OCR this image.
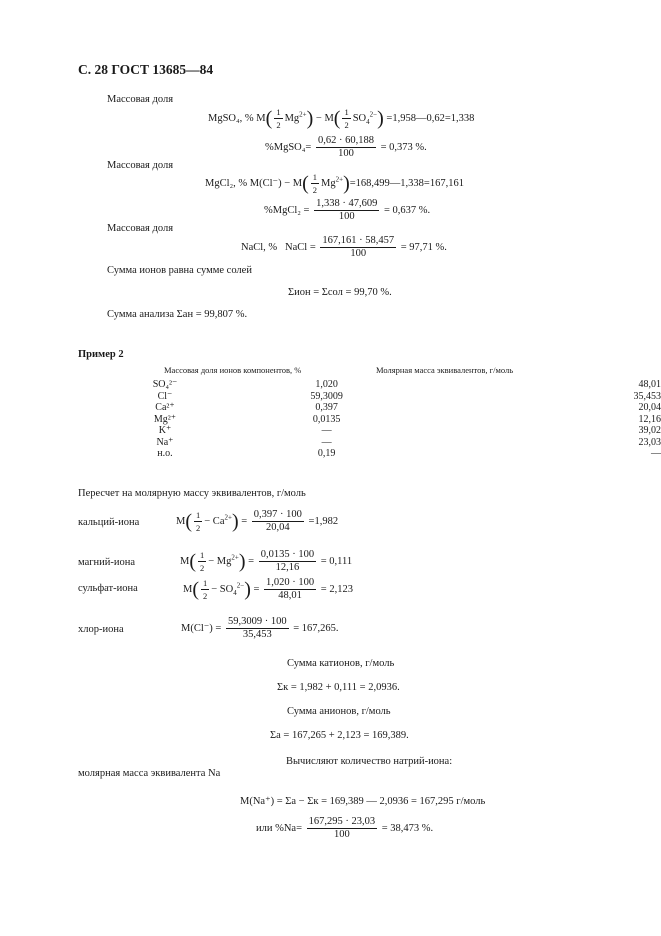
С. 28 ГОСТ 13685—84
Массовая доля
MgSO₄, % $M( \frac{1}{2} Mg^{2+}) - M( \frac{1}{2} SO_4^{2-})$ =1,958—0,62=1,338
%MgSO₄= $\frac{0,62 \cdot 60,188}{100} = 0,373$ %.
Массовая доля
MgCl₂, % $M(Cl^-) - M( \frac{1}{2}$ $Mg^{2+})=168,499—1,338=167,161$
%MgCl₂ = $\frac{1,338 \cdot 47,609}{100} = 0,637$ %.
Массовая доля
NaCl, % NaCl = $\frac{167,161 \cdot 58,457}{100} = 97,71$ %.
Сумма ионов равна сумме солей
Σион = Σсол = 99,70 %.
Сумма анализа Σан = 99,807 %.
Пример 2
Массовая доля ионов компонентов, %	Молярная масса эквивалентов, г/моль
SO₄²⁻	1,020	48,01
Cl⁻	59,3009	35,453
Ca²⁺	0,397	20,04
Mg²⁺	0,0135	12,16
K⁺	—	39,02
Na⁺	—	23,03
н.о.	0,19	—
Пересчет на молярную массу эквивалентов, г/моль
кальций-иона	$M( \frac{1}{2} - Ca^{2+}) = \frac{0,397 \cdot 100}{20,04} =1,982$
магний-иона	$M( \frac{1}{2} - Mg^{2+}) = \frac{0,0135 \cdot 100}{12,16} = 0,111$
сульфат-иона	$M( \frac{1}{2} - SO_4^{2-}) = \frac{1,020 \cdot 100}{48,01} = 2,123$
хлор-иона	$M(Cl^-) = \frac{59,3009 \cdot 100}{35,453} = 167,265$.
Сумма катионов, г/моль
Σк = 1,982 + 0,111 = 2,0936.
Сумма анионов, г/моль
Σа = 167,265 + 2,123 = 169,389.
Вычисляют количество натрий-иона:
молярная масса эквивалента Na
M(Na⁺) = Σа − Σк = 169,389 — 2,0936 = 167,295 г/моль
или $\%Na= \frac{167,295 \cdot 23,03}{100} = 38,473$ %.
